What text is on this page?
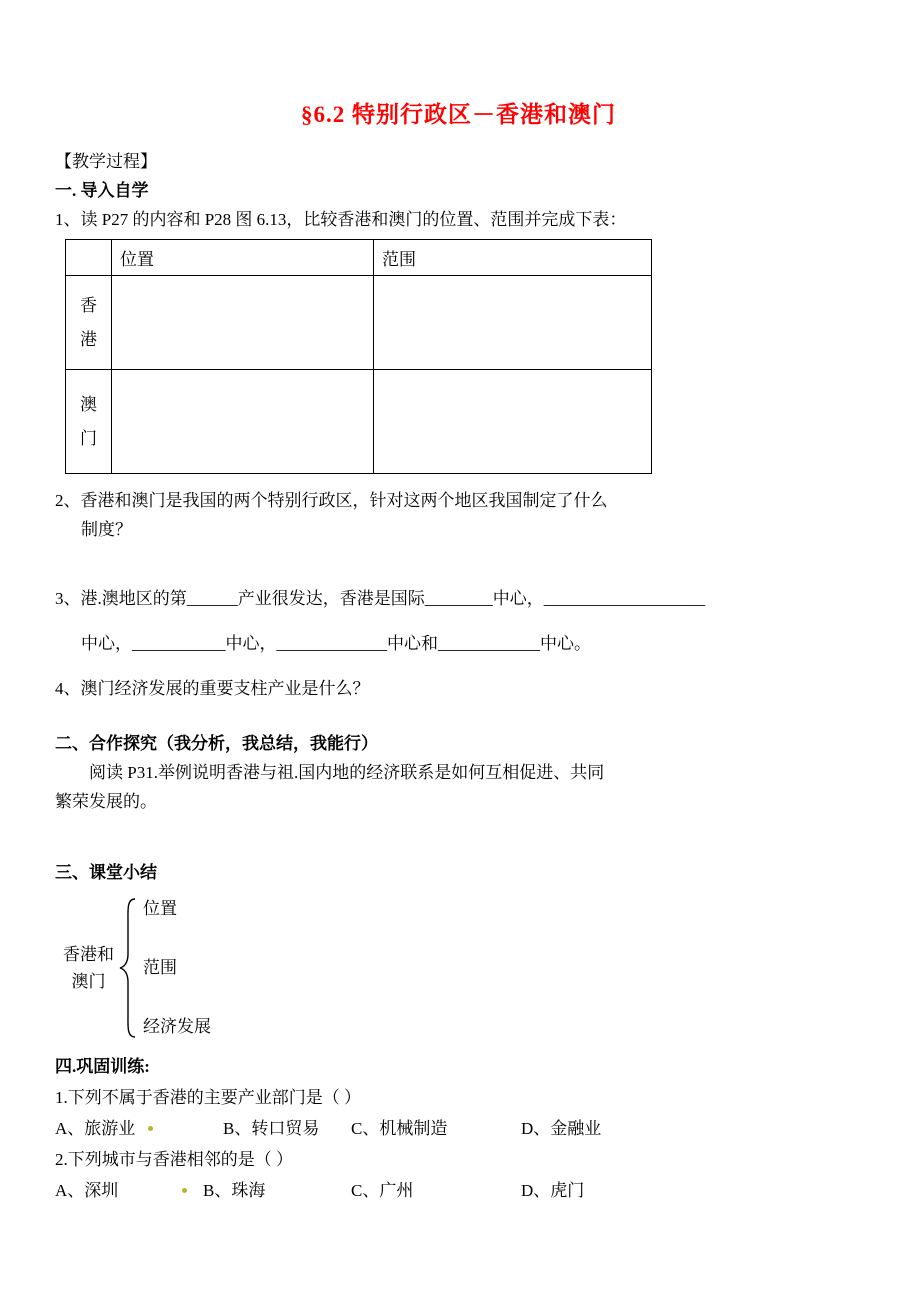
§6.2 特别行政区－香港和澳门
【教学过程】
一. 导入自学
1、读 P27 的内容和 P28 图 6.13，比较香港和澳门的位置、范围并完成下表：
	位置	范围
香港		
澳门		
2、香港和澳门是我国的两个特别行政区，针对这两个地区我国制定了什么
制度？
3、港.澳地区的第______产业很发达，香港是国际________中心，___________________
中心，___________中心，_____________中心和____________中心。
4、澳门经济发展的重要支柱产业是什么？
二、合作探究（我分析，我总结，我能行）
阅读 P31.举例说明香港与祖.国内地的经济联系是如何互相促进、共同
繁荣发展的。
三、课堂小结
香港和
澳门
位置
范围
经济发展
四.巩固训练:
1.下列不属于香港的主要产业部门是（ ）
A、旅游业	B、转口贸易 C、机械制造	D、金融业
2.下列城市与香港相邻的是（ ）
A、深圳	B、珠海	C、广州	D、虎门
